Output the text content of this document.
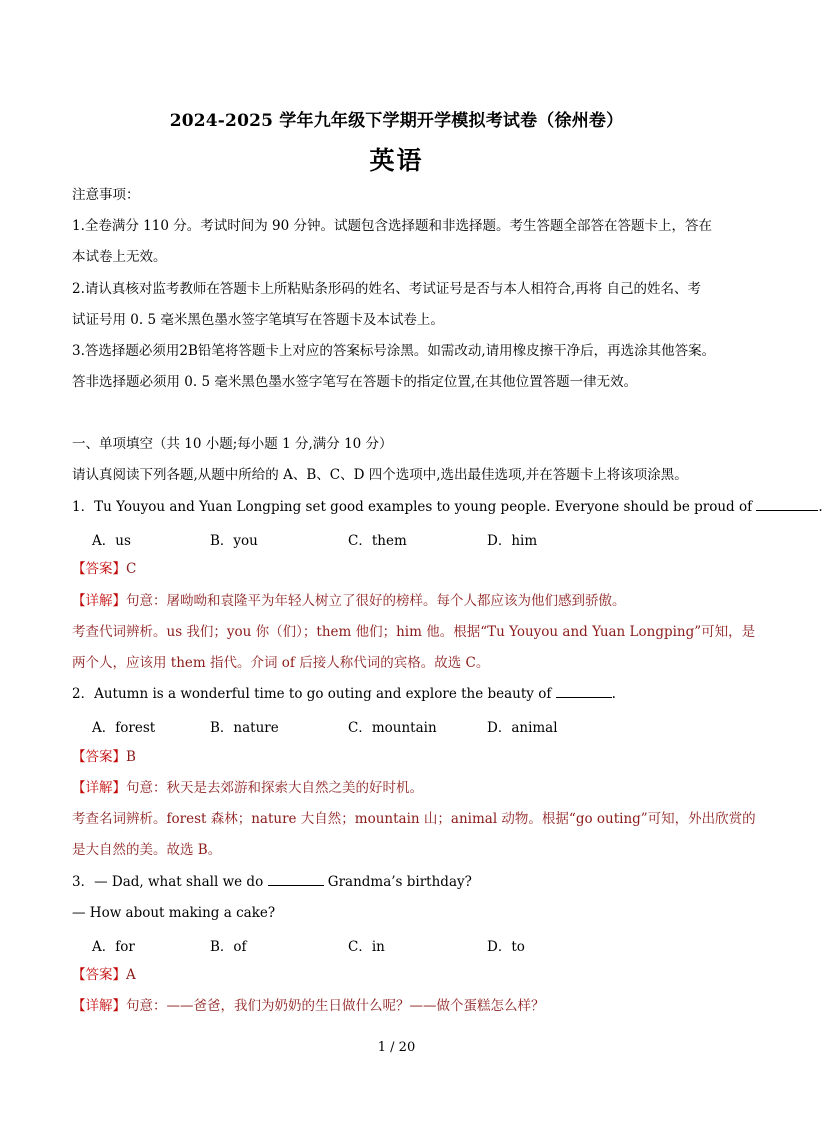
2024-2025 学年九年级下学期开学模拟考试卷（徐州卷）
英语
注意事项：
1.全卷满分 110 分。考试时间为 90 分钟。试题包含选择题和非选择题。考生答题全部答在答题卡上，答在
本试卷上无效。
2.请认真核对监考教师在答题卡上所粘贴条形码的姓名、考试证号是否与本人相符合,再将 自己的姓名、考
试证号用 0. 5 毫米黑色墨水签字笔填写在答题卡及本试卷上。
3.答选择题必须用2B铅笔将答题卡上对应的答案标号涂黑。如需改动,请用橡皮擦干净后，再选涂其他答案。
答非选择题必须用 0. 5 毫米黑色墨水签字笔写在答题卡的指定位置,在其他位置答题一律无效。
一、单项填空（共 10 小题;每小题 1 分,满分 10 分）
请认真阅读下列各题,从题中所给的 A、B、C、D 四个选项中,选出最佳选项,并在答题卡上将该项涂黑。
1．Tu Youyou and Yuan Longping set good examples to young people. Everyone should be proud of	.
A．us	B．you	C．them	D．him
【答案】C
【详解】句意：屠呦呦和袁隆平为年轻人树立了很好的榜样。每个人都应该为他们感到骄傲。
考查代词辨析。us 我们；you 你（们）；them 他们；him 他。根据“Tu Youyou and Yuan Longping”可知，是
两个人，应该用 them 指代。介词 of 后接人称代词的宾格。故选 C。
2．Autumn is a wonderful time to go outing and explore the beauty of	.
A．forest	B．nature	C．mountain	D．animal
【答案】B
【详解】句意：秋天是去郊游和探索大自然之美的好时机。
考查名词辨析。forest 森林；nature 大自然；mountain 山；animal 动物。根据“go outing”可知，外出欣赏的
是大自然的美。故选 B。
3．— Dad, what shall we do	Grandma’s birthday?
— How about making a cake?
A．for	B．of	C．in	D．to
【答案】A
【详解】句意：——爸爸，我们为奶奶的生日做什么呢？——做个蛋糕怎么样？
1 / 20
